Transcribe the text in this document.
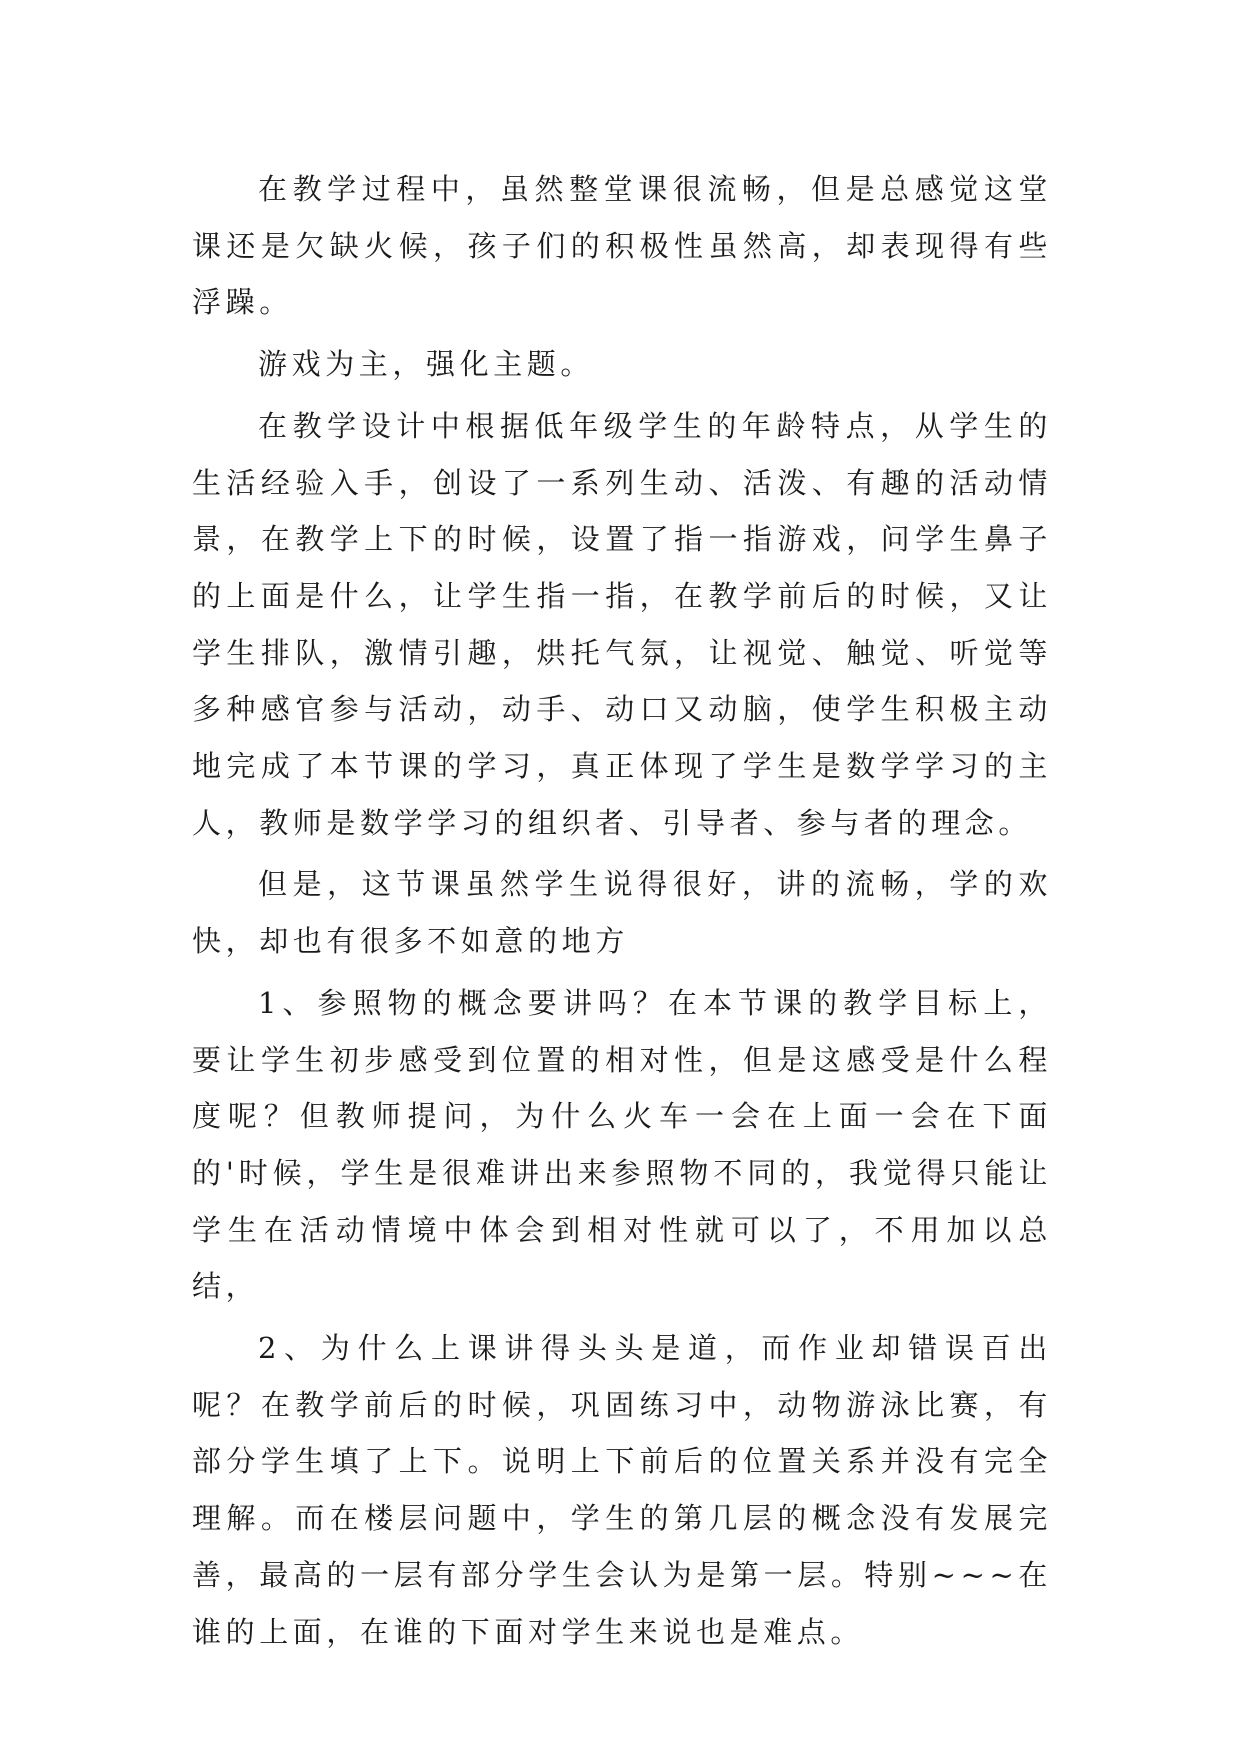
在教学过程中，虽然整堂课很流畅，但是总感觉这堂课还是欠缺火候，孩子们的积极性虽然高，却表现得有些浮躁。

游戏为主，强化主题。

在教学设计中根据低年级学生的年龄特点，从学生的生活经验入手，创设了一系列生动、活泼、有趣的活动情景，在教学上下的时候，设置了指一指游戏，问学生鼻子的上面是什么，让学生指一指，在教学前后的时候，又让学生排队，激情引趣，烘托气氛，让视觉、触觉、听觉等多种感官参与活动，动手、动口又动脑，使学生积极主动地完成了本节课的学习，真正体现了学生是数学学习的主人，教师是数学学习的组织者、引导者、参与者的理念。

但是，这节课虽然学生说得很好，讲的流畅，学的欢快，却也有很多不如意的地方

1、参照物的概念要讲吗？在本节课的教学目标上，要让学生初步感受到位置的相对性，但是这感受是什么程度呢？但教师提问，为什么火车一会在上面一会在下面的'时候，学生是很难讲出来参照物不同的，我觉得只能让学生在活动情境中体会到相对性就可以了，不用加以总结，

2、为什么上课讲得头头是道，而作业却错误百出呢？在教学前后的时候，巩固练习中，动物游泳比赛，有部分学生填了上下。说明上下前后的位置关系并没有完全理解。而在楼层问题中，学生的第几层的概念没有发展完善，最高的一层有部分学生会认为是第一层。特别~~~在谁的上面，在谁的下面对学生来说也是难点。
